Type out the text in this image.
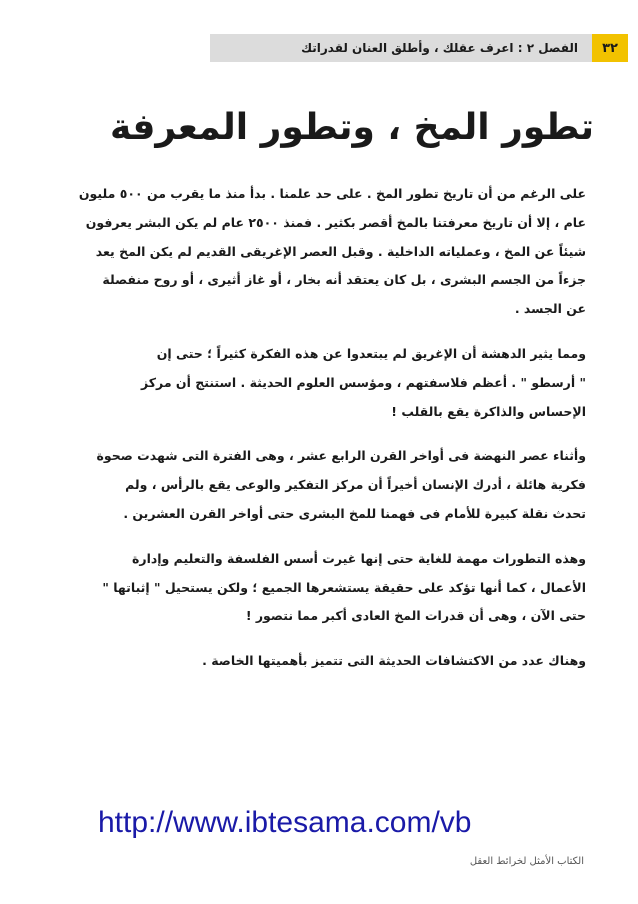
٣٢
الفصل ٢ : اعرف عقلك ، وأطلق العنان لقدراتك
تطور المخ ، وتطور المعرفة

على الرغم من أن تاريخ تطور المخ . على حد علمنا . بدأ منذ ما يقرب من ٥٠٠ مليون
عام ، إلا أن تاريخ معرفتنا بالمخ أقصر بكثير . فمنذ ٢٥٠٠ عام لم يكن البشر يعرفون
شيئاً عن المخ ، وعملياته الداخلية . وقبل العصر الإغريقى القديم لم يكن المخ يعد
جزءاً من الجسم البشرى ، بل كان يعتقد أنه بخار ، أو غاز أثيرى ، أو روح منفصلة
عن الجسد .

ومما يثير الدهشة أن الإغريق لم يبتعدوا عن هذه الفكرة كثيراً ؛ حتى إن
" أرسطو " . أعظم فلاسفتهم ، ومؤسس العلوم الحديثة . استنتج أن مركز
الإحساس والذاكرة يقع بالقلب !

وأثناء عصر النهضة فى أواخر القرن الرابع عشر ، وهى الفترة التى شهدت صحوة
فكرية هائلة ، أدرك الإنسان أخيراً أن مركز التفكير والوعى يقع بالرأس ، ولم
تحدث نقلة كبيرة للأمام فى فهمنا للمخ البشرى حتى أواخر القرن العشرين .

وهذه التطورات مهمة للغاية حتى إنها غيرت أسس الفلسفة والتعليم وإدارة
الأعمال ، كما أنها تؤكد على حقيقة يستشعرها الجميع ؛ ولكن يستحيل " إثباتها "
حتى الآن ، وهى أن قدرات المخ العادى أكبر مما نتصور !

وهناك عدد من الاكتشافات الحديثة التى تتميز بأهميتها الخاصة .

http://www.ibtesama.com/vb
الكتاب الأمثل لخرائط العقل
